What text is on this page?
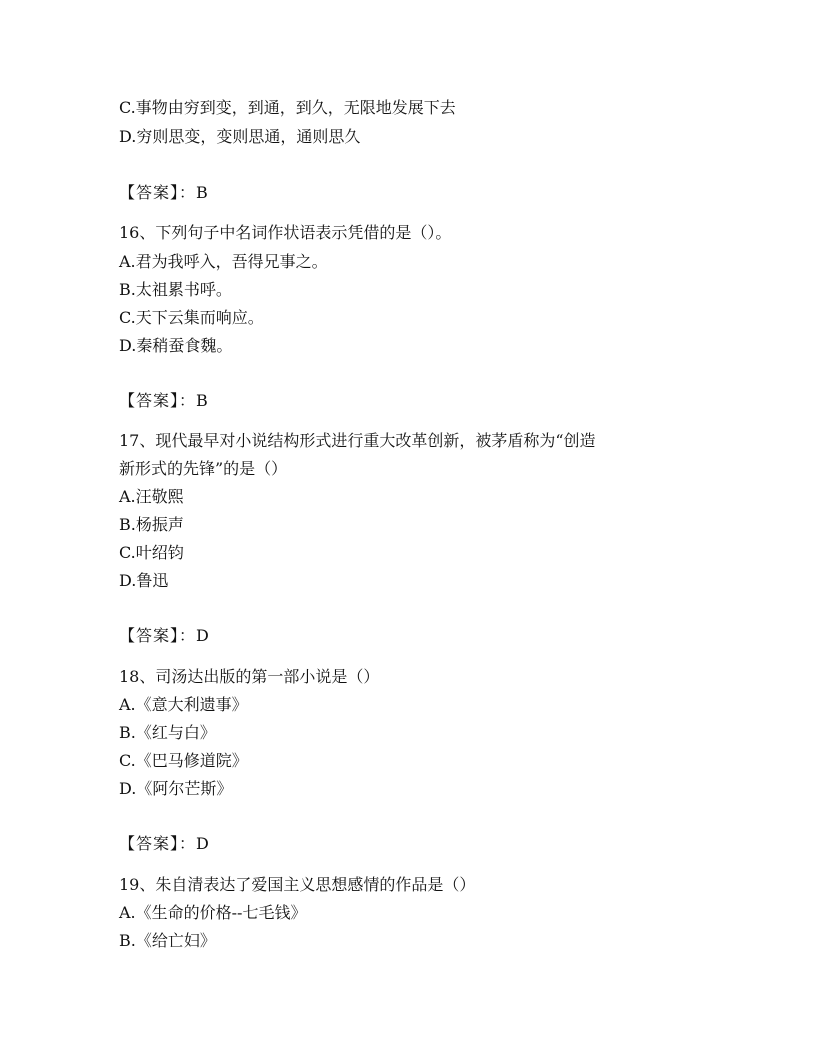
C.事物由穷到变，到通，到久，无限地发展下去
D.穷则思变，变则思通，通则思久
【答案】：B
16、下列句子中名词作状语表示凭借的是（）。
A.君为我呼入，吾得兄事之。
B.太祖累书呼。
C.天下云集而响应。
D.秦稍蚕食魏。
【答案】：B
17、现代最早对小说结构形式进行重大改革创新，被茅盾称为“创造
新形式的先锋”的是（）
A.汪敬熙
B.杨振声
C.叶绍钧
D.鲁迅
【答案】：D
18、司汤达出版的第一部小说是（）
A.《意大利遗事》
B.《红与白》
C.《巴马修道院》
D.《阿尔芒斯》
【答案】：D
19、朱自清表达了爱国主义思想感情的作品是（）
A.《生命的价格--七毛钱》
B.《给亡妇》
